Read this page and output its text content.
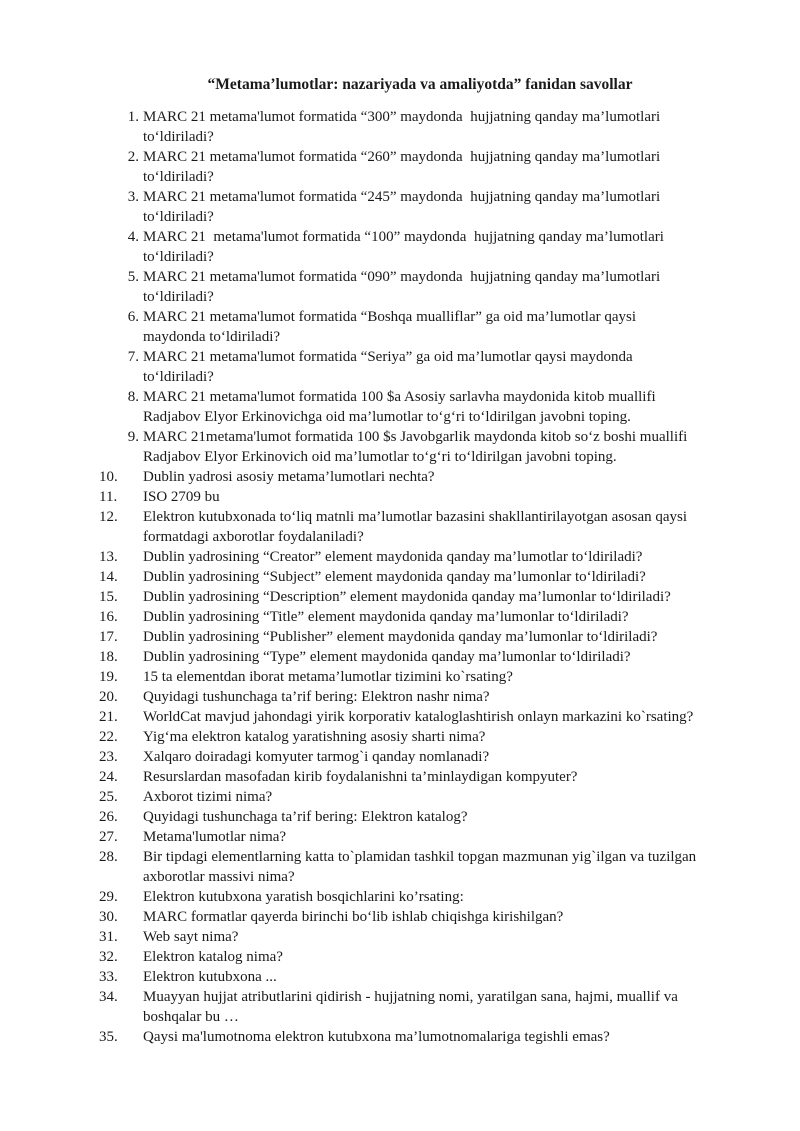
“Metama’lumotlar: nazariyada va amaliyotda” fanidan savollar
1. MARC 21 metama'lumot formatida “300” maydonda  hujjatning qanday ma’lumotlari
to‘ldiriladi?
2. MARC 21 metama'lumot formatida “260” maydonda  hujjatning qanday ma’lumotlari
to‘ldiriladi?
3. MARC 21 metama'lumot formatida “245” maydonda  hujjatning qanday ma’lumotlari
to‘ldiriladi?
4. MARC 21  metama'lumot formatida “100” maydonda  hujjatning qanday ma’lumotlari
to‘ldiriladi?
5. MARC 21 metama'lumot formatida “090” maydonda  hujjatning qanday ma’lumotlari
to‘ldiriladi?
6. MARC 21 metama'lumot formatida “Boshqa mualliflar” ga oid ma’lumotlar qaysi
maydonda to‘ldiriladi?
7. MARC 21 metama'lumot formatida “Seriya” ga oid ma’lumotlar qaysi maydonda
to‘ldiriladi?
8. MARC 21 metama'lumot formatida 100 $a Asosiy sarlavha maydonida kitob muallifi
Radjabov Elyor Erkinovichga oid ma’lumotlar to‘g‘ri to‘ldirilgan javobni toping.
9. MARC 21metama'lumot formatida 100 $s Javobgarlik maydonda kitob so‘z boshi muallifi
Radjabov Elyor Erkinovich oid ma’lumotlar to‘g‘ri to‘ldirilgan javobni toping.
10.	Dublin yadrosi asosiy metama’lumotlari nechta?
11.	ISO 2709 bu
12.	Elektron kutubxonada to‘liq matnli ma’lumotlar bazasini shakllantirilayotgan asosan qaysi
formatdagi axborotlar foydalaniladi?
13.	Dublin yadrosining “Creator” element maydonida qanday ma’lumotlar to‘ldiriladi?
14.	Dublin yadrosining “Subject” element maydonida qanday ma’lumonlar to‘ldiriladi?
15.	Dublin yadrosining “Description” element maydonida qanday ma’lumonlar to‘ldiriladi?
16.	Dublin yadrosining “Title” element maydonida qanday ma’lumonlar to‘ldiriladi?
17.	Dublin yadrosining “Publisher” element maydonida qanday ma’lumonlar to‘ldiriladi?
18.	Dublin yadrosining “Type” element maydonida qanday ma’lumonlar to‘ldiriladi?
19.	15 ta elementdan iborat metama’lumotlar tizimini ko`rsating?
20.	Quyidagi tushunchaga ta’rif bering: Elektron nashr nima?
21.	WorldCat mavjud jahondagi yirik korporativ kataloglashtirish onlayn markazini ko`rsating?
22.	Yig‘ma elektron katalog yaratishning asosiy sharti nima?
23.	Xalqaro doiradagi komyuter tarmog`i qanday nomlanadi?
24.	Resurslardan masofadan kirib foydalanishni ta’minlaydigan kompyuter?
25.	Axborot tizimi nima?
26.	Quyidagi tushunchaga ta’rif bering: Elektron katalog?
27.	Metama'lumotlar nima?
28.	Bir tipdagi elementlarning katta to`plamidan tashkil topgan mazmunan yig`ilgan va tuzilgan
axborotlar massivi nima?
29.	Elektron kutubxona yaratish bosqichlarini ko’rsating:
30.	MARC formatlar qayerda birinchi bo‘lib ishlab chiqishga kirishilgan?
31.	Web sayt nima?
32.	Elektron katalog nima?
33.	Elektron kutubxona ...
34.	Muayyan hujjat atributlarini qidirish - hujjatning nomi, yaratilgan sana, hajmi, muallif va
boshqalar bu …
35.	Qaysi ma'lumotnoma elektron kutubxona ma’lumotnomalariga tegishli emas?
